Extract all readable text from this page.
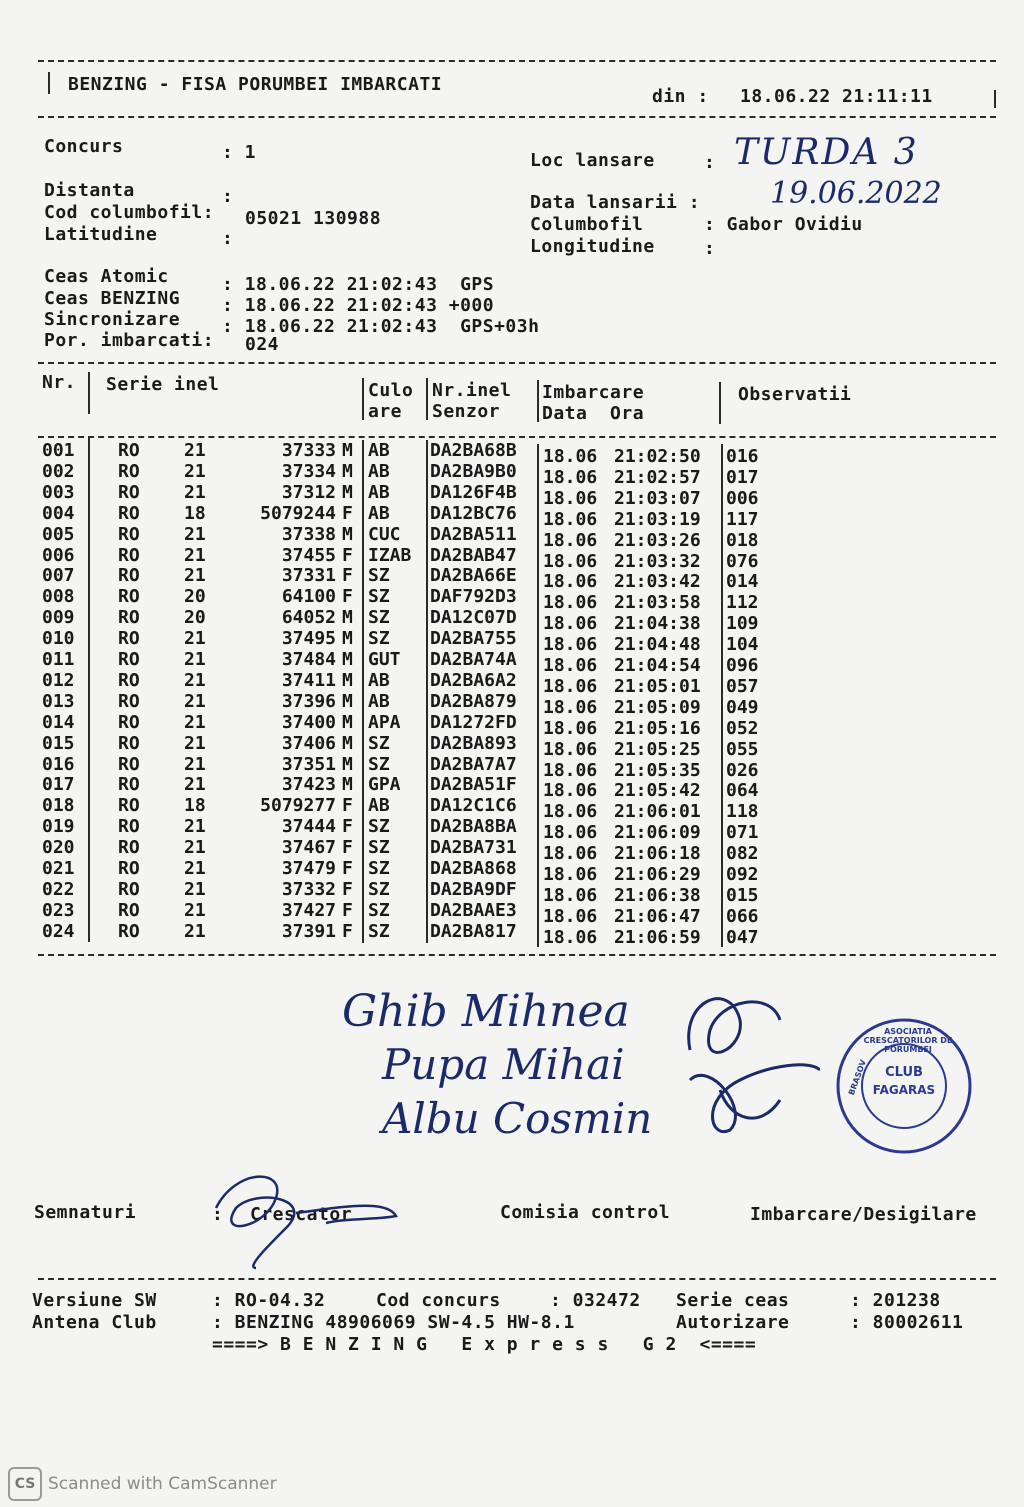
BENZING - FISA PORUMBEI IMBARCATI
din : 18.06.22 21:11:11
Concurs	: 1	Loc lansare	: TURDA 3
Distanta	:
Cod columbofil: 05021 130988
Latitudine	:
19.06.2022
Data lansarii :
Columbofil	: Gabor Ovidiu
Longitudine	:
Ceas Atomic	: 18.06.22 21:02:43  GPS
Ceas BENZING : 18.06.22 21:02:43 +000
Sincronizare : 18.06.22 21:02:43  GPS+03h
Por. imbarcati: 024
Nr. Serie inel	Culo
are
Nr.inel
Senzor
Imbarcare
Data  Ora
Observatii
001 RO 21	37333 M AB DA2BA68B 18.06 21:02:50 016
002 RO 21	37334 M AB DA2BA9B0 18.06 21:02:57 017
003 RO 21	37312 M AB DA126F4B 18.06 21:03:07 006
004 RO 18	5079244 F AB DA12BC76 18.06 21:03:19 117
005 RO 21	37338 M CUC DA2BA511 18.06 21:03:26 018
006 RO 21	37455 F IZAB DA2BAB47 18.06 21:03:32 076
007 RO 21	37331 F SZ DA2BA66E 18.06 21:03:42 014
008 RO 20	64100 F SZ DAF792D3 18.06 21:03:58 112
009 RO 20	64052 M SZ DA12C07D 18.06 21:04:38 109
010 RO 21	37495 M SZ DA2BA755 18.06 21:04:48 104
011 RO 21	37484 M GUT DA2BA74A 18.06 21:04:54 096
012 RO 21	37411 M AB DA2BA6A2 18.06 21:05:01 057
013 RO 21	37396 M AB DA2BA879 18.06 21:05:09 049
014 RO 21	37400 M APA DA1272FD 18.06 21:05:16 052
015 RO 21	37406 M SZ DA2BA893 18.06 21:05:25 055
016 RO 21	37351 M SZ DA2BA7A7 18.06 21:05:35 026
017 RO 21	37423 M GPA DA2BA51F 18.06 21:05:42 064
018 RO 18	5079277 F AB DA12C1C6 18.06 21:06:01 118
019 RO 21	37444 F SZ DA2BA8BA 18.06 21:06:09 071
020 RO 21	37467 F SZ DA2BA731 18.06 21:06:18 082
021 RO 21	37479 F SZ DA2BA868 18.06 21:06:29 092
022 RO 21	37332 F SZ DA2BA9DF 18.06 21:06:38 015
023 RO 21	37427 F SZ DA2BAAE3 18.06 21:06:47 066
024 RO 21	37391 F SZ DA2BA817 18.06 21:06:59 047
Ghib Mihnea
Pupa Mihai
Albu Cosmin
ASOCIATIA CRESCATORILOR DE PORUMBEI
BRASOV	CLUB
FAGARAS
Semnaturi	: Crescator	Comisia control	Imbarcare/Desigilare
Versiune SW	: RO-04.32	Cod concurs	: 032472 Serie ceas	: 201238
Antena Club	: BENZING 48906069 SW-4.5 HW-8.1	Autorizare	: 80002611
====> B E N Z I N G   E x p r e s s   G 2  <====
CS Scanned with CamScanner
